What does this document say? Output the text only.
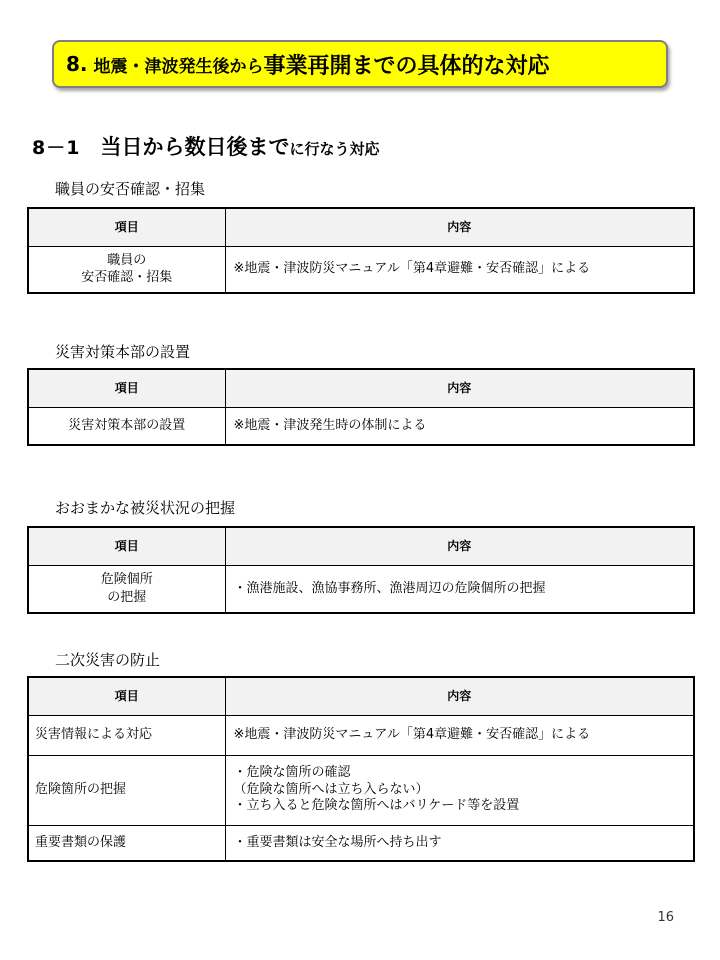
8. 地震・津波発生後から 事業再開までの具体的な対応
8－1 当日から数日後まで に行なう対応
職員の安否確認・招集
項目	内容
職員の
安否確認・招集	※地震・津波防災マニュアル「第4章避難・安否確認」による
災害対策本部の設置
項目	内容
災害対策本部の設置	※地震・津波発生時の体制による
おおまかな被災状況の把握
項目	内容
危険個所
の把握	・漁港施設、漁協事務所、漁港周辺の危険個所の把握
二次災害の防止
項目	内容
災害情報による対応	※地震・津波防災マニュアル「第4章避難・安否確認」による
危険箇所の把握	・危険な箇所の確認
（危険な箇所へは立ち入らない）
・立ち入ると危険な箇所へはバリケード等を設置
重要書類の保護	・重要書類は安全な場所へ持ち出す
16
